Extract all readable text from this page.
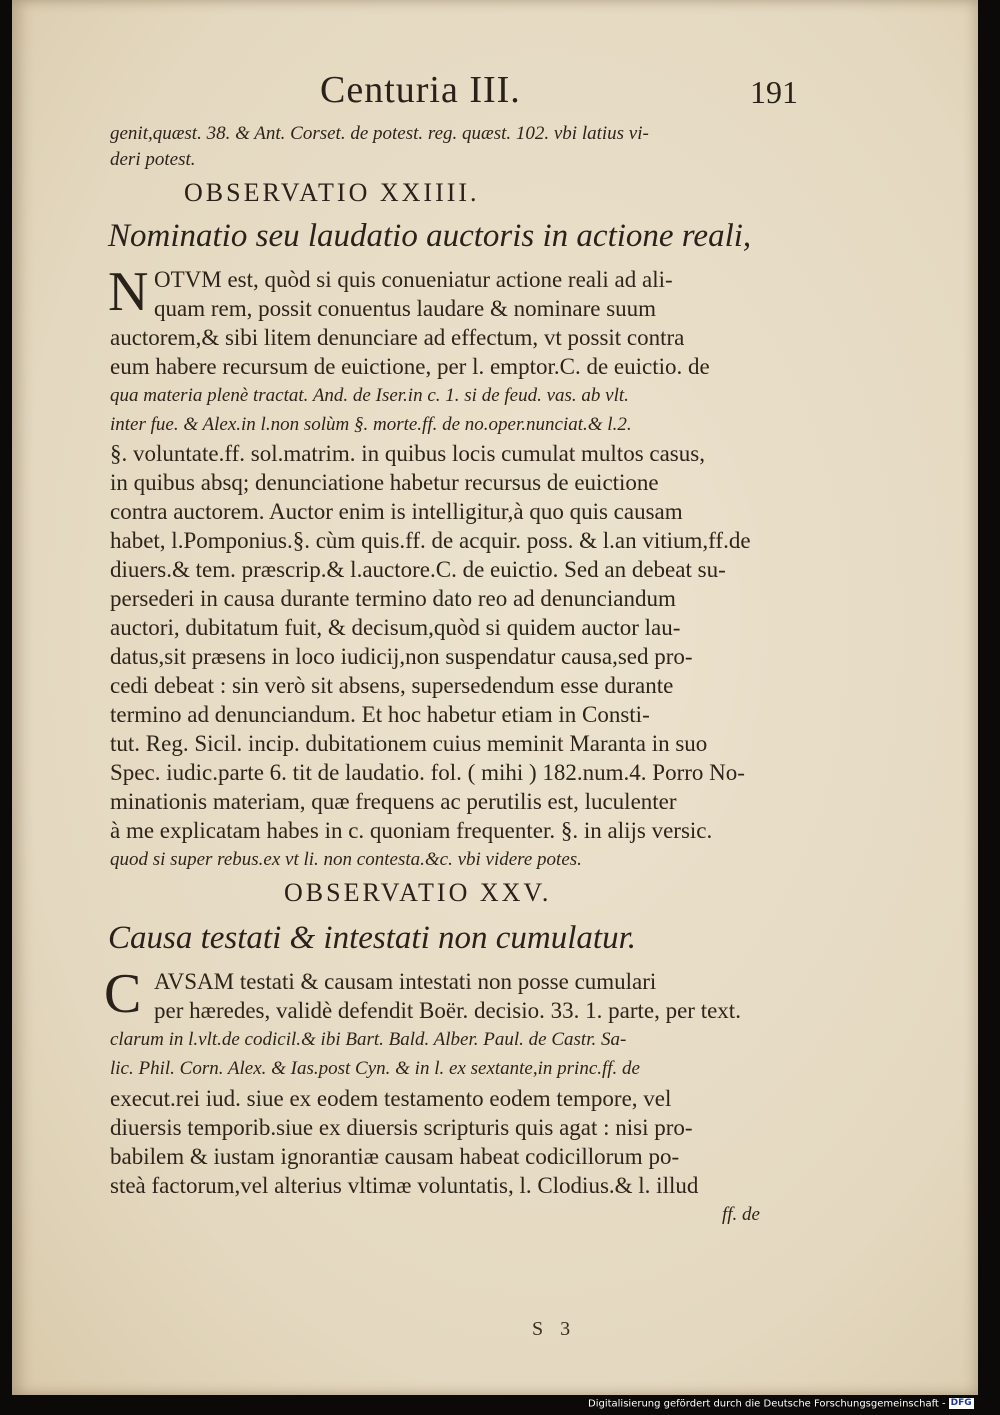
Centuria III.	191
genit,quæst. 38. & Ant. Corset. de potest. reg. quæst. 102. vbi latius vi-
deri potest.
OBSERVATIO XXIIII.
Nominatio seu laudatio auctoris in actione reali,
N OTVM est, quòd si quis conueniatur actione reali ad ali-
quam rem, possit conuentus laudare & nominare suum
auctorem,& sibi litem denunciare ad effectum, vt possit contra
eum habere recursum de euictione, per l. emptor.C. de euictio. de
qua materia plenè tractat. And. de Iser.in c. 1. si de feud. vas. ab vlt.
inter fue. & Alex.in l.non solùm §. morte.ff. de no.oper.nunciat.& l.2.
§. voluntate.ff. sol.matrim. in quibus locis cumulat multos casus,
in quibus absq; denunciatione habetur recursus de euictione
contra auctorem. Auctor enim is intelligitur,à quo quis causam
habet, l.Pomponius.§. cùm quis.ff. de acquir. poss. & l.an vitium,ff.de
diuers.& tem. præscrip.& l.auctore.C. de euictio. Sed an debeat su-
persederi in causa durante termino dato reo ad denunciandum
auctori, dubitatum fuit, & decisum,quòd si quidem auctor lau-
datus,sit præsens in loco iudicij,non suspendatur causa,sed pro-
cedi debeat : sin verò sit absens, supersedendum esse durante
termino ad denunciandum. Et hoc habetur etiam in Consti-
tut. Reg. Sicil. incip. dubitationem cuius meminit Maranta in suo
Spec. iudic.parte 6. tit de laudatio. fol. ( mihi ) 182.num.4. Porro No-
minationis materiam, quæ frequens ac perutilis est, luculenter
à me explicatam habes in c. quoniam frequenter. §. in alijs versic.
quod si super rebus.ex vt li. non contesta.&c. vbi videre potes.
OBSERVATIO XXV.
Causa testati & intestati non cumulatur.
C AVSAM testati & causam intestati non posse cumulari
per hæredes, validè defendit Boër. decisio. 33. 1. parte, per text.
clarum in l.vlt.de codicil.& ibi Bart. Bald. Alber. Paul. de Castr. Sa-
lic. Phil. Corn. Alex. & Ias.post Cyn. & in l. ex sextante,in princ.ff. de
execut.rei iud. siue ex eodem testamento eodem tempore, vel
diuersis temporib.siue ex diuersis scripturis quis agat : nisi pro-
babilem & iustam ignorantiæ causam habeat codicillorum po-
steà factorum,vel alterius vltimæ voluntatis, l. Clodius.& l. illud
ff. de
S 3
Digitalisierung gefördert durch die Deutsche Forschungsgemeinschaft - DFG
